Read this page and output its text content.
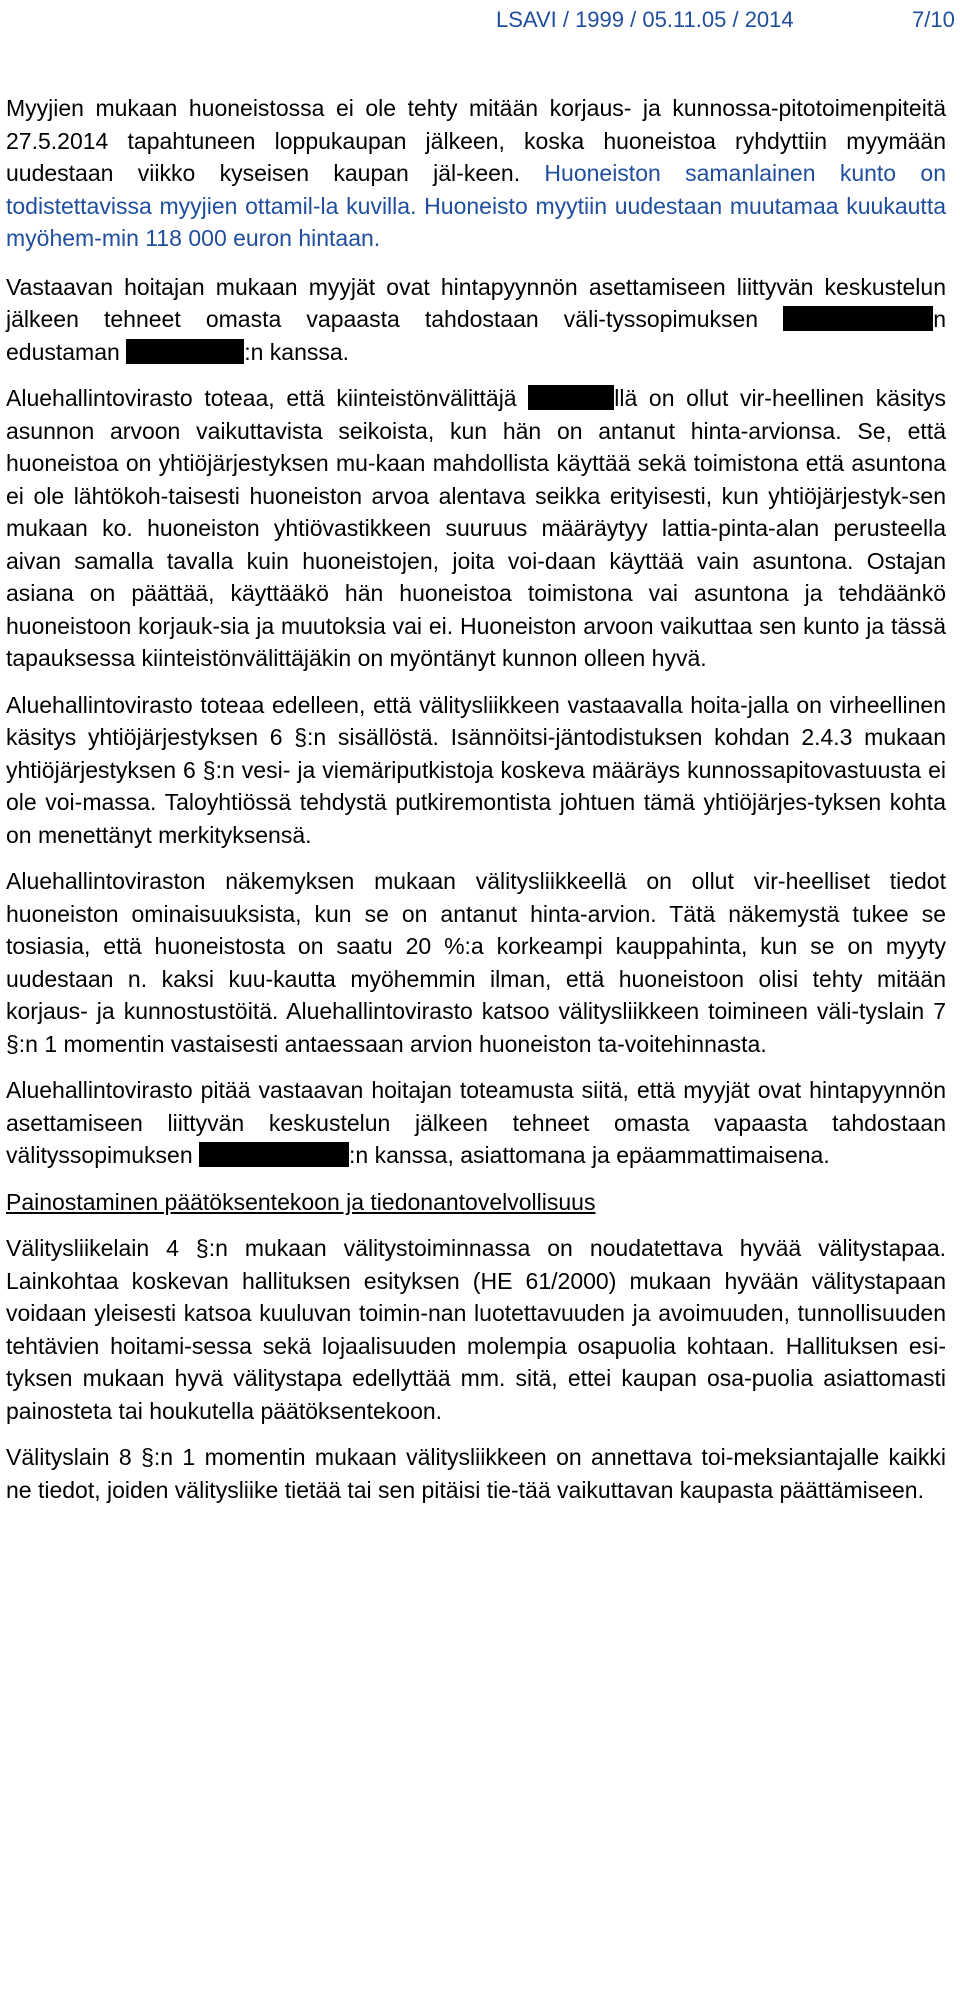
LSAVI / 1999 / 05.11.05 / 2014	7/10

Myyjien mukaan huoneistossa ei ole tehty mitään korjaus- ja kunnossa-pitotoimenpiteitä 27.5.2014 tapahtuneen loppukaupan jälkeen, koska huoneistoa ryhdyttiin myymään uudestaan viikko kyseisen kaupan jäl-keen. Huoneiston samanlainen kunto on todistettavissa myyjien ottamil-la kuvilla. Huoneisto myytiin uudestaan muutamaa kuukautta myöhem-min 118 000 euron hintaan.

Vastaavan hoitajan mukaan myyjät ovat hintapyynnön asettamiseen liittyvän keskustelun jälkeen tehneet omasta vapaasta tahdostaan väli-tyssopimuksen	n edustaman	:n kanssa.

Aluehallintovirasto toteaa, että kiinteistönvälittäjä	llä on ollut vir-heellinen käsitys asunnon arvoon vaikuttavista seikoista, kun hän on antanut hinta-arvionsa. Se, että huoneistoa on yhtiöjärjestyksen mu-kaan mahdollista käyttää sekä toimistona että asuntona ei ole lähtökoh-taisesti huoneiston arvoa alentava seikka erityisesti, kun yhtiöjärjestyk-sen mukaan ko. huoneiston yhtiövastikkeen suuruus määräytyy lattia-pinta-alan perusteella aivan samalla tavalla kuin huoneistojen, joita voi-daan käyttää vain asuntona. Ostajan asiana on päättää, käyttääkö hän huoneistoa toimistona vai asuntona ja tehdäänkö huoneistoon korjauk-sia ja muutoksia vai ei. Huoneiston arvoon vaikuttaa sen kunto ja tässä tapauksessa kiinteistönvälittäjäkin on myöntänyt kunnon olleen hyvä.

Aluehallintovirasto toteaa edelleen, että välitysliikkeen vastaavalla hoita-jalla on virheellinen käsitys yhtiöjärjestyksen 6 §:n sisällöstä. Isännöitsi-jäntodistuksen kohdan 2.4.3 mukaan yhtiöjärjestyksen 6 §:n vesi- ja viemäriputkistoja koskeva määräys kunnossapitovastuusta ei ole voi-massa. Taloyhtiössä tehdystä putkiremontista johtuen tämä yhtiöjärjes-tyksen kohta on menettänyt merkityksensä.

Aluehallintoviraston näkemyksen mukaan välitysliikkeellä on ollut vir-heelliset tiedot huoneiston ominaisuuksista, kun se on antanut hinta-arvion. Tätä näkemystä tukee se tosiasia, että huoneistosta on saatu 20 %:a korkeampi kauppahinta, kun se on myyty uudestaan n. kaksi kuu-kautta myöhemmin ilman, että huoneistoon olisi tehty mitään korjaus- ja kunnostustöitä. Aluehallintovirasto katsoo välitysliikkeen toimineen väli-tyslain 7 §:n 1 momentin vastaisesti antaessaan arvion huoneiston ta-voitehinnasta.

Aluehallintovirasto pitää vastaavan hoitajan toteamusta siitä, että myyjät ovat hintapyynnön asettamiseen liittyvän keskustelun jälkeen tehneet omasta vapaasta tahdostaan välityssopimuksen	:n kanssa, asiattomana ja epäammattimaisena.

Painostaminen päätöksentekoon ja tiedonantovelvollisuus

Välitysliikelain 4 §:n mukaan välitystoiminnassa on noudatettava hyvää välitystapaa. Lainkohtaa koskevan hallituksen esityksen (HE 61/2000) mukaan hyvään välitystapaan voidaan yleisesti katsoa kuuluvan toimin-nan luotettavuuden ja avoimuuden, tunnollisuuden tehtävien hoitami-sessa sekä lojaalisuuden molempia osapuolia kohtaan. Hallituksen esi-tyksen mukaan hyvä välitystapa edellyttää mm. sitä, ettei kaupan osa-puolia asiattomasti painosteta tai houkutella päätöksentekoon.

Välityslain 8 §:n 1 momentin mukaan välitysliikkeen on annettava toi-meksiantajalle kaikki ne tiedot, joiden välitysliike tietää tai sen pitäisi tie-tää vaikuttavan kaupasta päättämiseen.
